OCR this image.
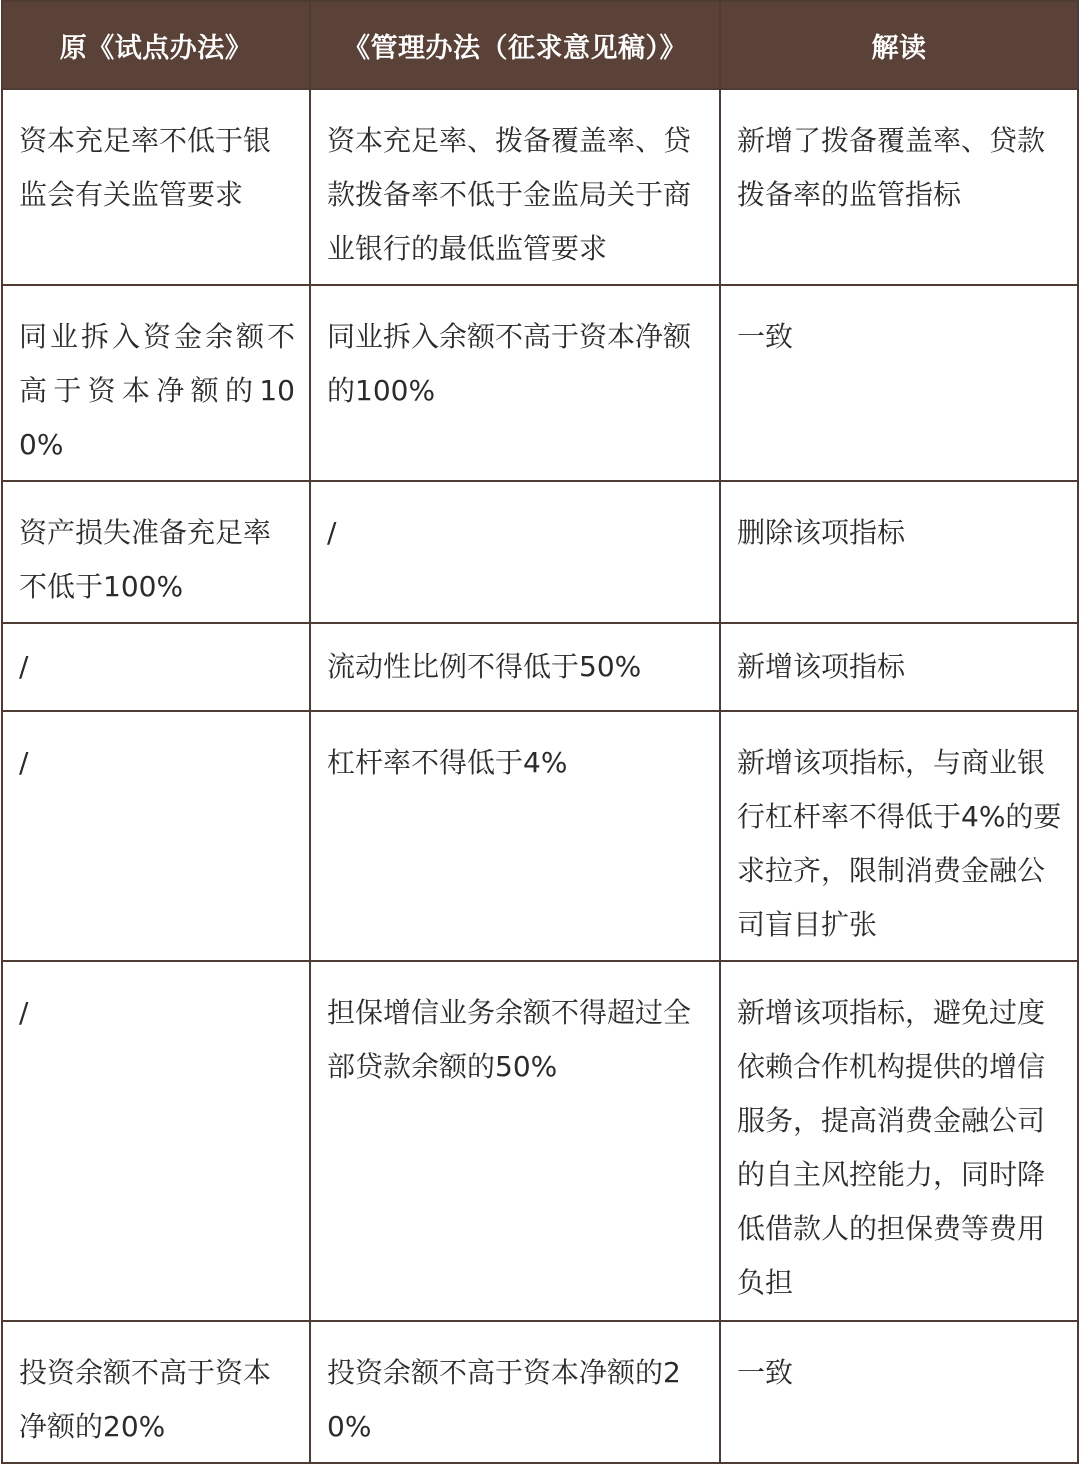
原《试点办法》	《管理办法（征求意见稿）》	解读
资本充足率不低于银监会有关监管要求	资本充足率、拨备覆盖率、贷款拨备率不低于金监局关于商业银行的最低监管要求	新增了拨备覆盖率、贷款拨备率的监管指标
同业拆入资金余额不高于资本净额的100%	同业拆入余额不高于资本净额的100%	一致
资产损失准备充足率不低于100%	/	删除该项指标
/	流动性比例不得低于50%	新增该项指标
/	杠杆率不得低于4%	新增该项指标，与商业银行杠杆率不得低于4%的要求拉齐，限制消费金融公司盲目扩张
/	担保增信业务余额不得超过全部贷款余额的50%	新增该项指标，避免过度依赖合作机构提供的增信服务，提高消费金融公司的自主风控能力，同时降低借款人的担保费等费用负担
投资余额不高于资本净额的20%	投资余额不高于资本净额的20%	一致
